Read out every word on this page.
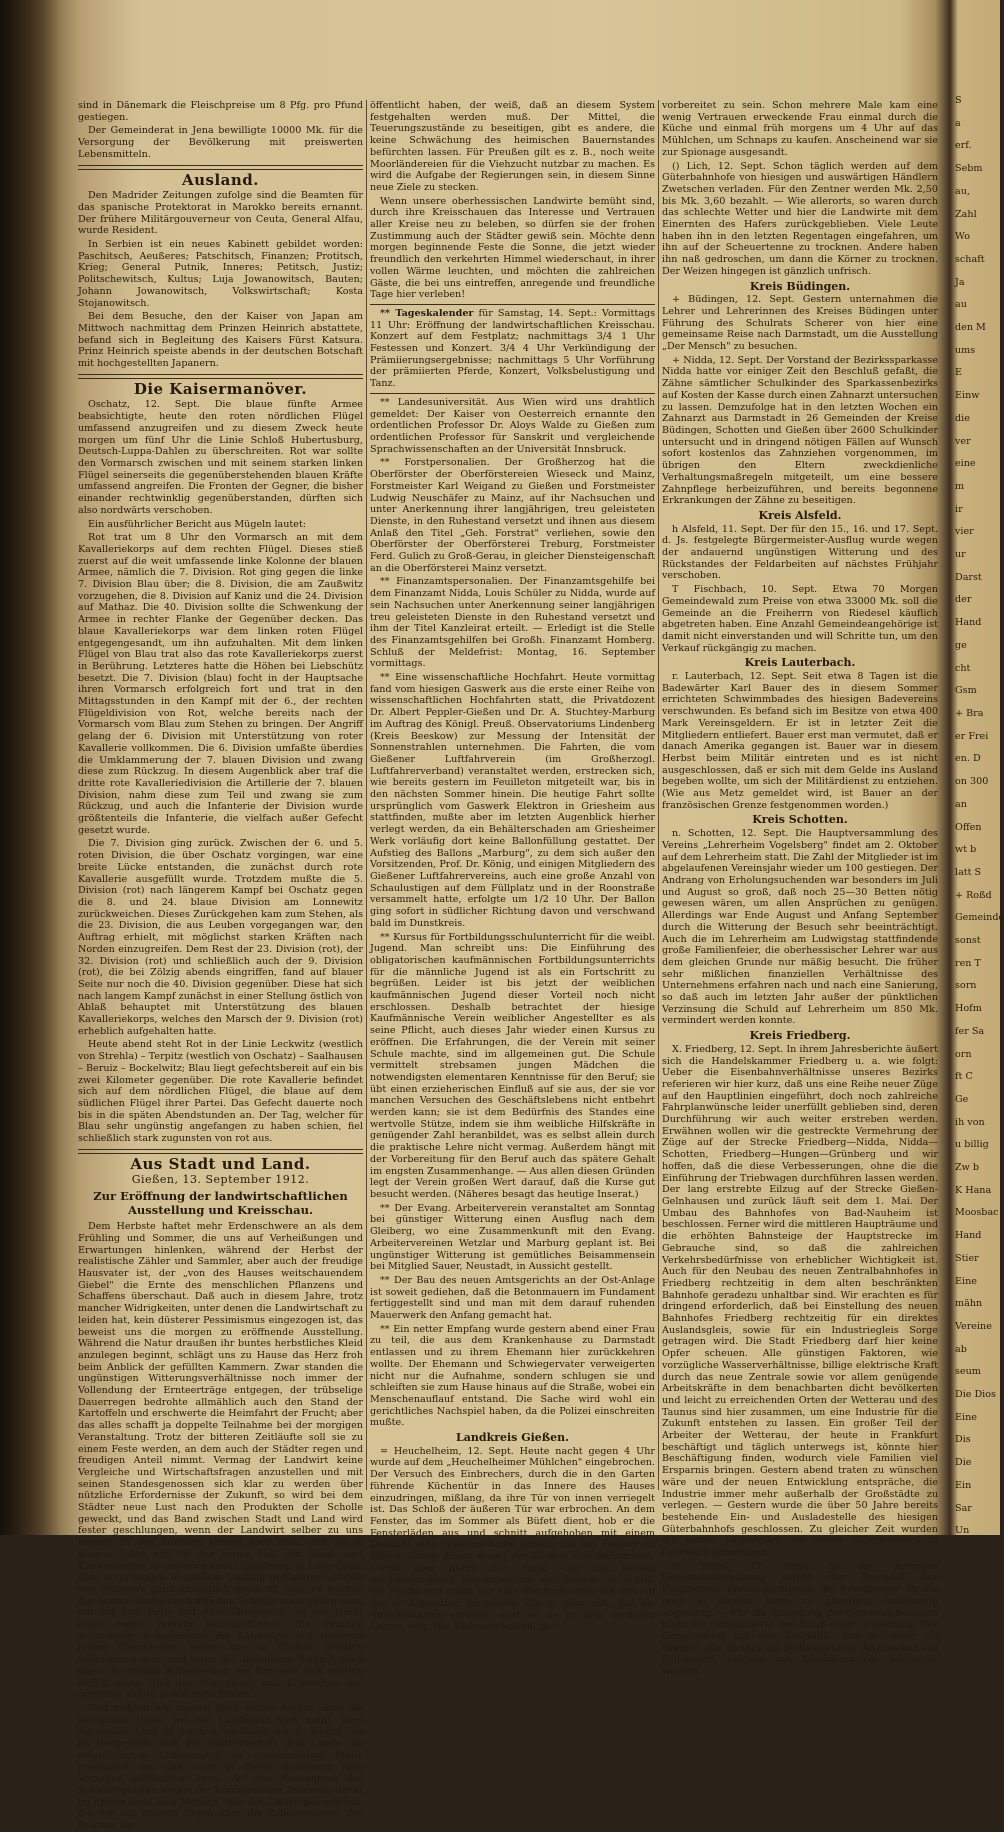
sind in Dänemark die Fleischpreise um 8 Pfg. pro Pfund gestiegen.

Der Gemeinderat in Jena bewilligte 10000 Mk. für die Versorgung der Bevölkerung mit preiswerten Lebensmitteln.

Ausland.

Den Madrider Zeitungen zufolge sind die Beamten für das spanische Protektorat in Marokko bereits ernannt. Der frühere Militärgouverneur von Ceuta, General Alfau, wurde Resident.

In Serbien ist ein neues Kabinett gebildet worden: Paschitsch, Aeußeres; Patschitsch, Finanzen; Protitsch, Krieg; General Putnik, Inneres; Petitsch, Justiz; Politschewitsch, Kultus; Luja Jowanowitsch, Bauten; Johann Jowanowitsch, Volkswirtschaft; Kosta Stojanowitsch.

Bei dem Besuche, den der Kaiser von Japan am Mittwoch nachmittag dem Prinzen Heinrich abstattete, befand sich in Begleitung des Kaisers Fürst Katsura. Prinz Heinrich speiste abends in der deutschen Botschaft mit hochgestellten Japanern.

Die Kaisermanöver.

Oschatz, 12. Sept. Die blaue fünfte Armee beabsichtigte, heute den roten nördlichen Flügel umfassend anzugreifen und zu diesem Zweck heute morgen um fünf Uhr die Linie Schloß Hubertusburg, Deutsch-Luppa-Dahlen zu überschreiten. Rot war sollte den Vormarsch zwischen und mit seinem starken linken Flügel seinerseits die gegenüberstehenden blauen Kräfte umfassend angreifen. Die Fronten der Gegner, die bisher einander rechtwinklig gegenüberstanden, dürften sich also nordwärts verschoben.

Ein ausführlicher Bericht aus Mügeln lautet:

Rot trat um 8 Uhr den Vormarsch an mit dem Kavalleriekorps auf dem rechten Flügel. Dieses stieß zuerst auf die weit umfassende linke Kolonne der blauen Armee, nämlich die 7. Division. Rot ging gegen die linke 7. Division Blau über; die 8. Division, die am Zaußwitz vorzugehen, die 8. Division auf Kaniz und die 24. Division auf Mathaz. Die 40. Division sollte die Schwenkung der Armee in rechter Flanke der Gegenüber decken. Das blaue Kavalleriekorps war dem linken roten Flügel entgegengesandt, um ihn aufzuhalten. Mit dem linken Flügel von Blau trat also das rote Kavalleriekorps zuerst in Berührung. Letzteres hatte die Höhen bei Liebschütz besetzt. Die 7. Division (blau) focht in der Hauptsache ihren Vormarsch erfolgreich fort und trat in den Mittagsstunden in den Kampf mit der 6., der rechten Flügeldivision von Rot, welche bereits nach der Vormarsch vom Blau zum Stehen zu bringen. Der Angriff gelang der 6. Division mit Unterstützung von roter Kavallerie vollkommen. Die 6. Division umfaßte überdies die Umklammerung der 7. blauen Division und zwang diese zum Rückzug. In diesem Augenblick aber traf die dritte rote Kavalleriedivision die Artillerie der 7. blauen Division, nahm diese zum Teil und zwang sie zum Rückzug, und auch die Infanterie der Division wurde größtenteils die Infanterie, die vielfach außer Gefecht gesetzt wurde.

Die 7. Division ging zurück. Zwischen der 6. und 5. roten Division, die über Oschatz vorgingen, war eine breite Lücke entstanden, die zunächst durch rote Kavallerie ausgefüllt wurde. Trotzdem mußte die 5. Division (rot) nach längerem Kampf bei Oschatz gegen die 8. und 24. blaue Division am Lonnewitz zurückweichen. Dieses Zurückgehen kam zum Stehen, als die 23. Division, die aus Leuben vorgegangen war, den Auftrag erhielt, mit möglichst starken Kräften nach Norden einzugreifen. Dem Rest der 23. Division (rot), der 32. Division (rot) und schließlich auch der 9. Division (rot), die bei Zölzig abends eingriffen, fand auf blauer Seite nur noch die 40. Division gegenüber. Diese hat sich nach langem Kampf zunächst in einer Stellung östlich von Ablaß behauptet mit Unterstützung des blauen Kavalleriekorps, welches den Marsch der 9. Division (rot) erheblich aufgehalten hatte.

Heute abend steht Rot in der Linie Leckwitz (westlich von Strehla) – Terpitz (westlich von Oschatz) – Saalhausen – Beruiz – Bockelwitz; Blau liegt gefechtsbereit auf ein bis zwei Kilometer gegenüber. Die rote Kavallerie befindet sich auf dem nördlichen Flügel, die blaue auf dem südlichen Flügel ihrer Partei. Das Gefecht dauerte noch bis in die späten Abendstunden an. Der Tag, welcher für Blau sehr ungünstig angefangen zu haben schien, fiel schließlich stark zugunsten von rot aus.

Aus Stadt und Land.
Gießen, 13. September 1912.
Zur Eröffnung der landwirtschaftlichen Ausstellung und Kreisschau.

Dem Herbste haftet mehr Erdenschwere an als dem Frühling und Sommer, die uns auf Verheißungen und Erwartungen hinlenken, während der Herbst der realistische Zähler und Sammler, aber auch der freudige Hausvater ist, der „von des Hauses weitschauendem Giebel" die Ernte des menschlichen Pflanzens und Schaffens überschaut. Daß auch in diesem Jahre, trotz mancher Widrigkeiten, unter denen die Landwirtschaft zu leiden hat, kein düsterer Pessimismus eingezogen ist, das beweist uns die morgen zu eröffnende Ausstellung. Während die Natur draußen ihr buntes herbstliches Kleid anzulegen beginnt, schlägt uns zu Hause das Herz froh beim Anblick der gefüllten Kammern. Zwar standen die ungünstigen Witterungsverhältnisse noch immer der Vollendung der Ernteerträge entgegen, der trübselige Dauerregen bedrohte allmählich auch den Stand der Kartoffeln und erschwerte die Heimfahrt der Frucht; aber das alles schafft ja doppelte Teilnahme bei der morgigen Veranstaltung. Trotz der bitteren Zeitläufte soll sie zu einem Feste werden, an dem auch der Städter regen und freudigen Anteil nimmt. Vermag der Landwirt keine Vergleiche und Wirtschaftsfragen anzustellen und mit seinen Standesgenossen sich klar zu werden über nützliche Erfordernisse der Zukunft, so wird bei dem Städter neue Lust nach den Produkten der Scholle geweckt, und das Band zwischen Stadt und Land wird fester geschlungen, wenn der Landwirt selber zu uns kommt. In den Städtern kommt noch dazu, daß sie in diesem Jahre erst in der neuen Fall von Maul- und Klauenseuche in unserer nahen Umgebung, in Lang-Göns, dem ursprünglich in großem Umfang geplanten Auftrieb von Viehware ganz unmöglich gemacht, aber es werden der bunten landwirtschaftlichen Schätze noch genug sein, um auf dem Fest- und Ausstellungsplatz an der Hardt einen regen Verkehr herbeizuführen. Die fremden Teilnehmer, insbesondere die Landwirte aus unserem lieben Oberhessen, sollen uns in Gießen herzlich willkommen sein, und wenn der allgemeine Wunsch nach einer dauernden Aufheiterung des Himmels sich endlich erfüllt, dann wird der Ausstellung und Kreisschau der erstrebte Erfolg gewiß nicht fehlen!

Und richten wir unsern Blick weiter hinaus über die deutschen Gaue, wo der Landmann sich müht, dem Agrarstaat Ehre zu machen, so haben wir zu klagen: Es ist festgestellt, daß die landwirtschaft dem Lande die erforderlichen Lebensmittel in zunehmendem Maße produziert und daß auch in dieser Beziehung kein Verzagen aufkommen kann. An eine Beseitigung der Schwierigkeiten wegen der herrschenden Teuerung denkt im Ernste wohl kein Mensch. Wer die Ziffern gelesen hat, die wir vor einigen Tagen über die Zolleinnahmen des Reiches ver-

öffentlicht haben, der weiß, daß an diesem System festgehalten werden muß. Der Mittel, die Teuerungszustände zu beseitigen, gibt es andere, die keine Schwächung des heimischen Bauernstandes befürchten lassen. Für Preußen gilt es z. B., noch weite Moorländereien für die Viehzucht nutzbar zu machen. Es wird die Aufgabe der Regierungen sein, in diesem Sinne neue Ziele zu stecken.

Wenn unsere oberhessischen Landwirte bemüht sind, durch ihre Kreisschauen das Interesse und Vertrauen aller Kreise neu zu beleben, so dürfen sie der frohen Zustimmung auch der Städter gewiß sein. Möchte denn morgen beginnende Feste die Sonne, die jetzt wieder freundlich den verkehrten Himmel wiederschaut, in ihrer vollen Wärme leuchten, und möchten die zahlreichen Gäste, die bei uns eintreffen, anregende und freundliche Tage hier verleben!

** Tageskalender für Samstag, 14. Sept.: Vormittags 11 Uhr: Eröffnung der landwirtschaftlichen Kreisschau. Konzert auf dem Festplatz; nachmittags 3/4 1 Uhr Festessen und Konzert. 3/4 4 Uhr Verkündigung der Prämiierungsergebnisse; nachmittags 5 Uhr Vorführung der prämiierten Pferde, Konzert, Volksbelustigung und Tanz.

** Landesuniversität. Aus Wien wird uns drahtlich gemeldet: Der Kaiser von Oesterreich ernannte den ordentlichen Professor Dr. Aloys Walde zu Gießen zum ordentlichen Professor für Sanskrit und vergleichende Sprachwissenschaften an der Universität Innsbruck.

** Forstpersonalien. Der Großherzog hat die Oberförster der Oberförstereien Wieseck und Mainz, Forstmeister Karl Weigand zu Gießen und Forstmeister Ludwig Neuschäfer zu Mainz, auf ihr Nachsuchen und unter Anerkennung ihrer langjährigen, treu geleisteten Dienste, in den Ruhestand versetzt und ihnen aus diesem Anlaß den Titel „Geh. Forstrat" verliehen, sowie den Oberförster der Oberförsterei Treburg, Forstmeister Ferd. Gulich zu Groß-Gerau, in gleicher Diensteigenschaft an die Oberförsterei Mainz versetzt.

** Finanzamtspersonalien. Der Finanzamtsgehilfe bei dem Finanzamt Nidda, Louis Schüler zu Nidda, wurde auf sein Nachsuchen unter Anerkennung seiner langjährigen treu geleisteten Dienste in den Ruhestand versetzt und ihm der Titel Kanzleirat erteilt. — Erledigt ist die Stelle des Finanzamtsgehilfen bei Großh. Finanzamt Homberg. Schluß der Meldefrist: Montag, 16. September vormittags.

** Eine wissenschaftliche Hochfahrt. Heute vormittag fand vom hiesigen Gaswerk aus die erste einer Reihe von wissenschaftlichen Hochfahrten statt, die Privatdozent Dr. Albert Peppler-Gießen und Dr. A. Stuchtey-Marburg im Auftrag des Königl. Preuß. Observatoriums Lindenberg (Kreis Beeskow) zur Messung der Intensität der Sonnenstrahlen unternehmen. Die Fahrten, die vom Gießener Luftfahrverein (im Großherzogl. Luftfahrerverband) veranstaltet werden, erstrecken sich, wie bereits gestern im Feuilleton mitgeteilt war, bis in den nächsten Sommer hinein. Die heutige Fahrt sollte ursprünglich vom Gaswerk Elektron in Griesheim aus stattfinden, mußte aber im letzten Augenblick hierher verlegt werden, da ein Behälterschaden am Griesheimer Werk vorläufig dort keine Ballonfüllung gestattet. Der Aufstieg des Ballons „Marburg", zu dem sich außer den Vorsitzenden, Prof. Dr. König, und einigen Mitgliedern des Gießener Luftfahrervereins, auch eine große Anzahl von Schaulustigen auf dem Füllplatz und in der Roonstraße versammelt hatte, erfolgte um 1/2 10 Uhr. Der Ballon ging sofort in südlicher Richtung davon und verschwand bald im Dunstkreis.

** Kursus für Fortbildungsschulunterricht für die weibl. Jugend. Man schreibt uns: Die Einführung des obligatorischen kaufmännischen Fortbildungsunterrichts für die männliche Jugend ist als ein Fortschritt zu begrüßen. Leider ist bis jetzt der weiblichen kaufmännischen Jugend dieser Vorteil noch nicht erschlossen. Deshalb betrachtet der hiesige Kaufmännische Verein weiblicher Angestellter es als seine Pflicht, auch dieses Jahr wieder einen Kursus zu eröffnen. Die Erfahrungen, die der Verein mit seiner Schule machte, sind im allgemeinen gut. Die Schule vermittelt strebsamen jungen Mädchen die notwendigsten elementaren Kenntnisse für den Beruf; sie übt einen erzieherischen Einfluß auf sie aus, der sie vor manchen Versuchen des Geschäftslebens nicht entbehrt werden kann; sie ist dem Bedürfnis des Standes eine wertvolle Stütze, indem sie ihm weibliche Hilfskräfte in genügender Zahl heranbildet, was es selbst allein durch die praktische Lehre nicht vermag. Außerdem hängt mit der Vorbereitung für den Beruf auch das spätere Gehalt im engsten Zusammenhange. — Aus allen diesen Gründen legt der Verein großen Wert darauf, daß die Kurse gut besucht werden. (Näheres besagt das heutige Inserat.)

** Der Evang. Arbeiterverein veranstaltet am Sonntag bei günstiger Witterung einen Ausflug nach dem Gleiberg, wo eine Zusammenkunft mit den Evang. Arbeitervereinen Wetzlar und Marburg geplant ist. Bei ungünstiger Witterung ist gemütliches Beisammensein bei Mitglied Sauer, Neustadt, in Aussicht gestellt.

** Der Bau des neuen Amtsgerichts an der Ost-Anlage ist soweit gediehen, daß die Betonmauern im Fundament fertiggestellt sind und man mit dem darauf ruhenden Mauerwerk den Anfang gemacht hat.

** Ein netter Empfang wurde gestern abend einer Frau zu teil, die aus dem Krankenhause zu Darmstadt entlassen und zu ihrem Ehemann hier zurückkehren wollte. Der Ehemann und Schwiegervater verweigerten nicht nur die Aufnahme, sondern schlugen sie und schleiften sie zum Hause hinaus auf die Straße, wobei ein Menschenauflauf entstand. Die Sache wird wohl ein gerichtliches Nachspiel haben, da die Polizei einschreiten mußte.

Landkreis Gießen.

= Heuchelheim, 12. Sept. Heute nacht gegen 4 Uhr wurde auf dem „Heuchelheimer Mühlchen" eingebrochen. Der Versuch des Einbrechers, durch die in den Garten führende Küchentür in das Innere des Hauses einzudringen, mißlang, da ihre Tür von innen verriegelt ist. Das Schloß der äußeren Tür war erbrochen. An dem Fenster, das im Sommer als Büfett dient, hob er die Fensterläden aus und schnitt aufgehoben mit einem Diamant eine Fensterscheibe heraus, um das Fenster zu öffnen. Durch dieses drang der Dieb in den Büfettraum, wurde aber durch den Hund und die bereits wachgewordenen Hausbewohner verscheucht. Er ergriff die Flucht und nahm nur eine Blechschachtel mit sich, in der er Zigaretten vermutete. Als er aber sah, daß sie Ansichtskarten enthielt, warf er sie in dem vorderen Garten weg. Der Einbruch scheint gut

vorbereitet zu sein. Schon mehrere Male kam eine wenig Vertrauen erweckende Frau einmal durch die Küche und einmal früh morgens um 4 Uhr auf das Mühlchen, um Schnaps zu kaufen. Anscheinend war sie zur Spionage ausgesandt.

() Lich, 12. Sept. Schon täglich werden auf dem Güterbahnhofe von hiesigen und auswärtigen Händlern Zwetschen verladen. Für den Zentner werden Mk. 2,50 bis Mk. 3,60 bezahlt. — Wie allerorts, so waren durch das schlechte Wetter und hier die Landwirte mit dem Einernten des Hafers zurückgeblieben. Viele Leute haben ihn in den letzten Regentagen eingefahren, um ihn auf der Scheuertenne zu trocknen. Andere haben ihn naß gedroschen, um dann die Körner zu trocknen. Der Weizen hingegen ist gänzlich unfrisch.

Kreis Büdingen.

+ Büdingen, 12. Sept. Gestern unternahmen die Lehrer und Lehrerinnen des Kreises Büdingen unter Führung des Schulrats Scherer von hier eine gemeinsame Reise nach Darmstadt, um die Ausstellung „Der Mensch" zu besuchen.

+ Nidda, 12. Sept. Der Vorstand der Bezirkssparkasse Nidda hatte vor einiger Zeit den Beschluß gefaßt, die Zähne sämtlicher Schulkinder des Sparkassenbezirks auf Kosten der Kasse durch einen Zahnarzt untersuchen zu lassen. Demzufolge hat in den letzten Wochen ein Zahnarzt aus Darmstadt in 26 Gemeinden der Kreise Büdingen, Schotten und Gießen über 2600 Schulkinder untersucht und in dringend nötigen Fällen auf Wunsch sofort kostenlos das Zahnziehen vorgenommen, im übrigen den Eltern zweckdienliche Verhaltungsmaßregeln mitgeteilt, um eine bessere Zahnpflege herbeizuführen, und bereits begonnene Erkrankungen der Zähne zu beseitigen.

Kreis Alsfeld.

h Alsfeld, 11. Sept. Der für den 15., 16. und 17. Sept. d. Js. festgelegte Bürgermeister-Ausflug wurde wegen der andauernd ungünstigen Witterung und des Rückstandes der Feldarbeiten auf nächstes Frühjahr verschoben.

T Fischbach, 10. Sept. Etwa 70 Morgen Gemeindewald zum Preise von etwa 33000 Mk. soll die Gemeinde an die Freiherrn von Riedesel käuflich abgetreten haben. Eine Anzahl Gemeindeangehörige ist damit nicht einverstanden und will Schritte tun, um den Verkauf rückgängig zu machen.

Kreis Lauterbach.

r. Lauterbach, 12. Sept. Seit etwa 8 Tagen ist die Badewärter Karl Bauer des in diesem Sommer errichteten Schwimmbades des hiesigen Badevereins verschwunden. Es befand sich im Besitze von etwa 400 Mark Vereinsgeldern. Er ist in letzter Zeit die Mitgliedern entliefert. Bauer erst man vermutet, daß er danach Amerika gegangen ist. Bauer war in diesem Herbst beim Militär eintreten und es ist nicht ausgeschlossen, daß er sich mit dem Gelde ins Ausland begeben wollte, um sich der Militärdienst zu entziehen. (Wie aus Metz gemeldet wird, ist Bauer an der französischen Grenze festgenommen worden.)

Kreis Schotten.

n. Schotten, 12. Sept. Die Hauptversammlung des Vereins „Lehrerheim Vogelsberg" findet am 2. Oktober auf dem Lehrerheim statt. Die Zahl der Mitglieder ist im abgelaufenen Vereinsjahr wieder um 100 gestiegen. Der Andrang von Erholungsuchenden war besonders im Juli und August so groß, daß noch 25—30 Betten nötig gewesen wären, um allen Ansprüchen zu genügen. Allerdings war Ende August und Anfang September durch die Witterung der Besuch sehr beeinträchtigt. Auch die im Lehrerheim am Ludwigstag stattfindende große Familienfeier, die oberhessischer Lehrer war aus dem gleichen Grunde nur mäßig besucht. Die früher sehr mißlichen finanziellen Verhältnisse des Unternehmens erfahren nach und nach eine Sanierung, so daß auch im letzten Jahr außer der pünktlichen Verzinsung die Schuld auf Lehrerheim um 850 Mk. vermindert werden konnte.

Kreis Friedberg.

X. Friedberg, 12. Sept. In ihrem Jahresberichte äußert sich die Handelskammer Friedberg u. a. wie folgt: Ueber die Eisenbahnverhältnisse unseres Bezirks referieren wir hier kurz, daß uns eine Reihe neuer Züge auf den Hauptlinien eingeführt, doch noch zahlreiche Fahrplanwünsche leider unerfüllt geblieben sind, deren Durchführung wir auch weiter erstreben werden. Erwähnen wollen wir die gestreckte Vermehrung der Züge auf der Strecke Friedberg—Nidda, Nidda—Schotten, Friedberg—Hungen—Grünberg und wir hoffen, daß die diese Verbesserungen, ohne die die Einführung der Triebwagen durchführen lassen werden. Der lang erstrebte Eilzug auf der Strecke Gießen-Gelnhausen und zurück läuft seit dem 1. Mai. Der Umbau des Bahnhofes von Bad-Nauheim ist beschlossen. Ferner wird die mittleren Haupträume und die erhöhten Bahnsteige der Hauptstrecke im Gebrauche sind, so daß die zahlreichen Verkehrsbedürfnisse von erheblicher Wichtigkeit ist. Auch für den Neubau des neuen Zentralbahnhofes in Friedberg rechtzeitig in dem alten beschränkten Bahnhofe geradezu unhaltbar sind. Wir erachten es für dringend erforderlich, daß bei Einstellung des neuen Bahnhofes Friedberg rechtzeitig für ein direktes Auslandsgleis, sowie für ein Industriegleis Sorge getragen wird. Die Stadt Friedberg darf hier keine Opfer scheuen. Alle günstigen Faktoren, wie vorzügliche Wasserverhältnisse, billige elektrische Kraft durch das neue Zentrale sowie vor allem genügende Arbeitskräfte in dem benachbarten dicht bevölkerten und leicht zu erreichenden Orten der Wetterau und des Taunus sind hier zusammen, um eine Industrie für die Zukunft entstehen zu lassen. Ein großer Teil der Arbeiter der Wetterau, der heute in Frankfurt beschäftigt und täglich unterwegs ist, könnte hier Beschäftigung finden, wodurch viele Familien viel Ersparnis bringen. Gestern abend traten zu wünschen wäre und der neuen Entwicklung entspräche, die Industrie immer mehr außerhalb der Großstädte zu verlegen. — Gestern wurde die über 50 Jahre bereits bestehende Ein- und Ausladestelle des hiesigen Güterbahnhofs geschlossen. Zu gleicher Zeit wurden die neuen Ladestellen im neuen Güterbahnhof in Gebrauch genommen.

-h Vilbel, 12. Sept. In der gestrigen Gemeinderatssitzung wurde der Beschluß des Friedberger Kreisausschusses, die Friedberger Straße noch in diesem Jahre zu pflastern, einstimmig abgelehnt. — Für die Anstellung des Gemeindebeamten plant der Gemeinderat den Erlaß einer Ortsatzung. Der Gemeinderat hat den Beschluß, den Schreiber als Bramte, alle übrigen als Bedienstete an. Anzustellen auf Lebenszeit, letztere mit Kündigungsfrist angestellt werden.

S
a
erf.
Sebm
au,
Zahl
Wo
schaft
Ja
au
den M
ums
E
Einw
die
ver
eine
m
ir
vier
ur
Darst
der
Hand
ge
cht
Gsm
+ Bra
er Frei
en. D
on 300
an
Offen
wt b
latt S
+ Roßd
Gemeinde
sonst
ren T
sorn
Hofm
fer Sa
orn
ft C
Ge
ih von
u billig
Zw b
K Hana
Moosbac
Hand
Stier
Eine
mähn
Vereine
ab
seum
Die Dios
Eine
Dis
Die
Ein
Sar
Un
